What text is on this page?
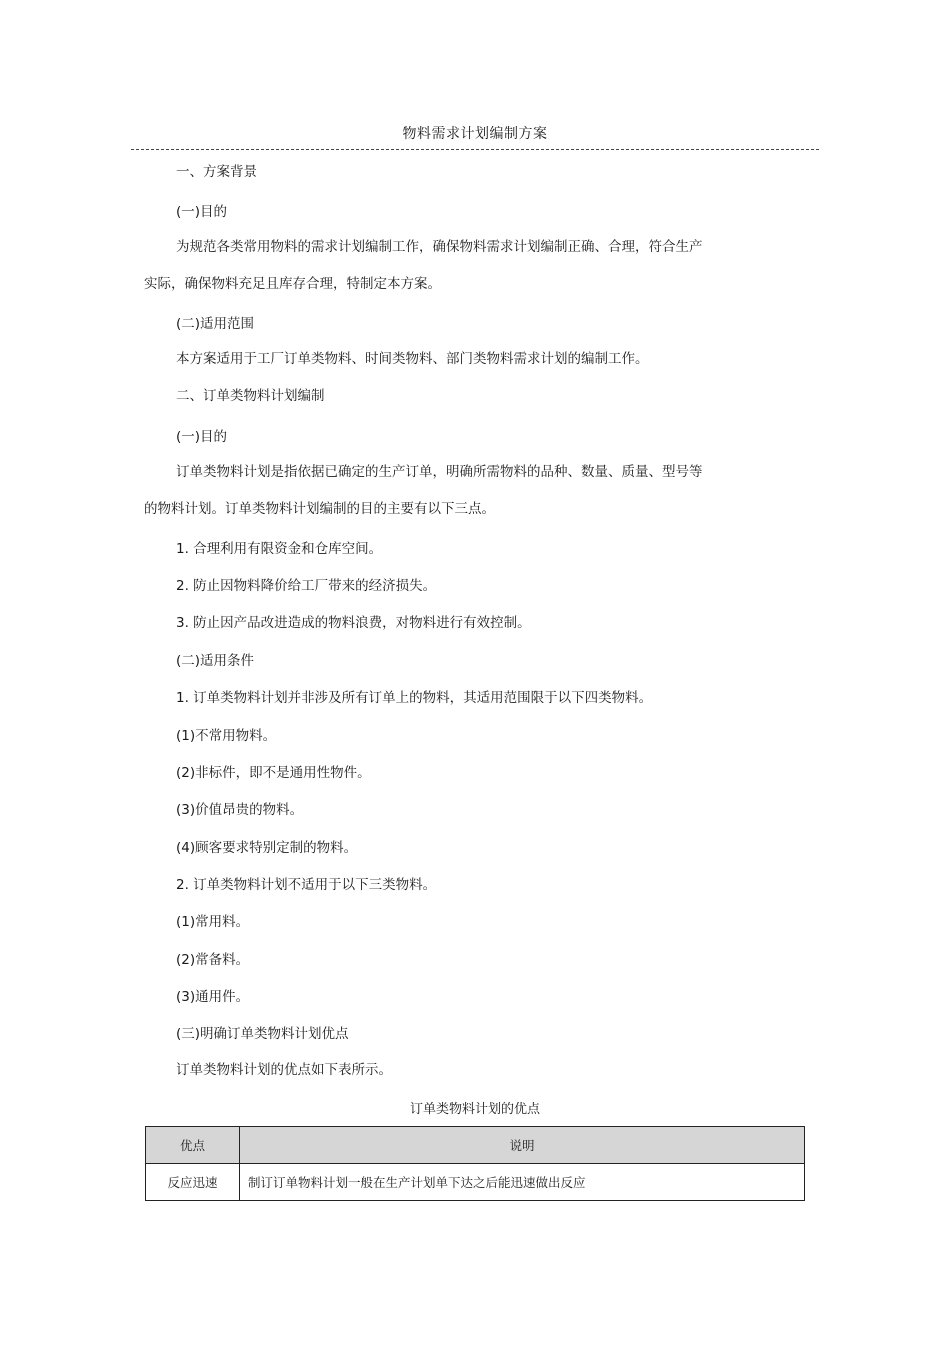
物料需求计划编制方案
一、方案背景
(一)目的
为规范各类常用物料的需求计划编制工作，确保物料需求计划编制正确、合理，符合生产
实际，确保物料充足且库存合理，特制定本方案。
(二)适用范围
本方案适用于工厂订单类物料、时间类物料、部门类物料需求计划的编制工作。
二、订单类物料计划编制
(一)目的
订单类物料计划是指依据已确定的生产订单，明确所需物料的品种、数量、质量、型号等
的物料计划。订单类物料计划编制的目的主要有以下三点。
1. 合理利用有限资金和仓库空间。
2. 防止因物料降价给工厂带来的经济损失。
3. 防止因产品改进造成的物料浪费，对物料进行有效控制。
(二)适用条件
1. 订单类物料计划并非涉及所有订单上的物料，其适用范围限于以下四类物料。
(1)不常用物料。
(2)非标件，即不是通用性物件。
(3)价值昂贵的物料。
(4)顾客要求特别定制的物料。
2. 订单类物料计划不适用于以下三类物料。
(1)常用料。
(2)常备料。
(3)通用件。
(三)明确订单类物料计划优点
订单类物料计划的优点如下表所示。
订单类物料计划的优点
优点	说明
反应迅速	制订订单物料计划一般在生产计划单下达之后能迅速做出反应
